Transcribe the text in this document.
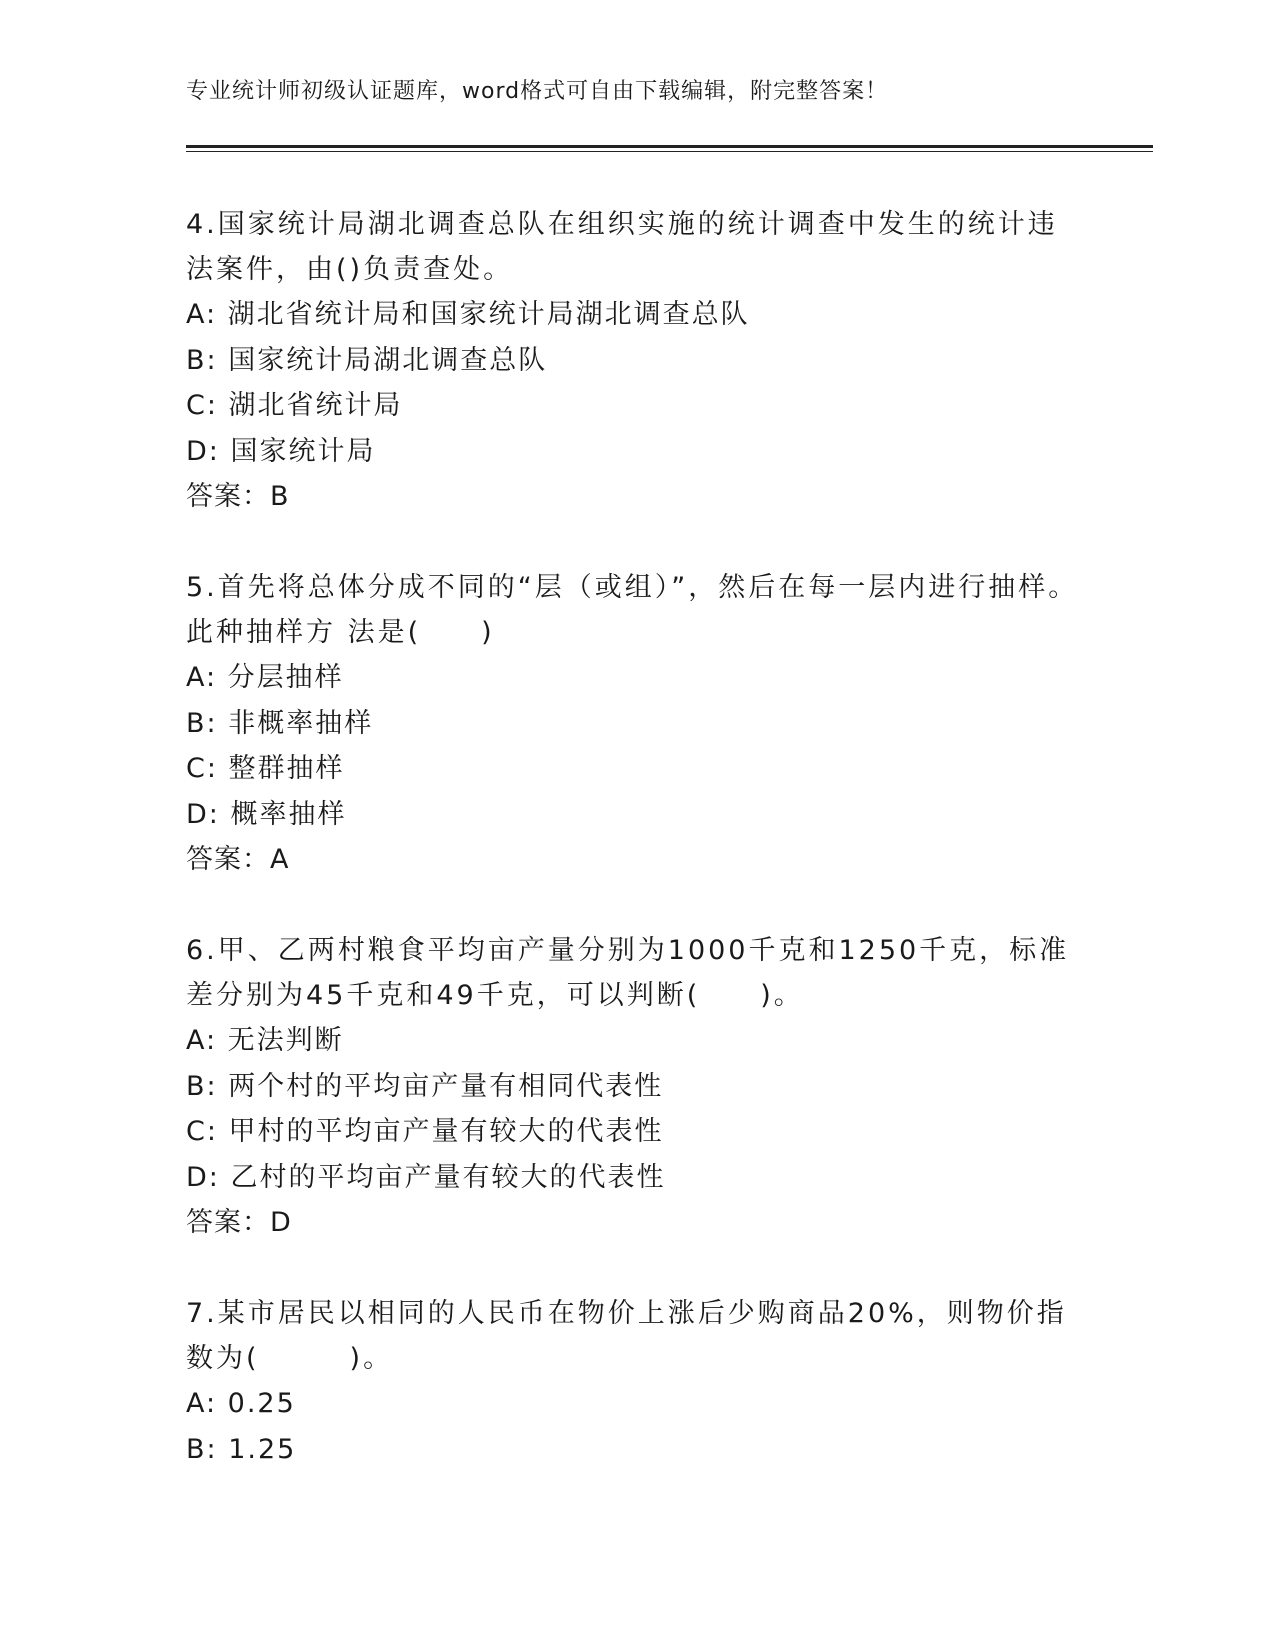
专业统计师初级认证题库，word格式可自由下载编辑，附完整答案！

4.国家统计局湖北调查总队在组织实施的统计调查中发生的统计违法案件，由()负责查处。

A: 湖北省统计局和国家统计局湖北调查总队

B: 国家统计局湖北调查总队

C: 湖北省统计局

D: 国家统计局

答案：B

5.首先将总体分成不同的“层（或组）”，然后在每一层内进行抽样。此种抽样方 法是(　　)

A: 分层抽样

B: 非概率抽样

C: 整群抽样

D: 概率抽样

答案：A

6.甲、乙两村粮食平均亩产量分别为1000千克和1250千克，标准差分别为45千克和49千克，可以判断(　　)。

A: 无法判断

B: 两个村的平均亩产量有相同代表性

C: 甲村的平均亩产量有较大的代表性

D: 乙村的平均亩产量有较大的代表性

答案：D

7.某市居民以相同的人民币在物价上涨后少购商品20%，则物价指数为(　　　)。

A: 0.25

B: 1.25
